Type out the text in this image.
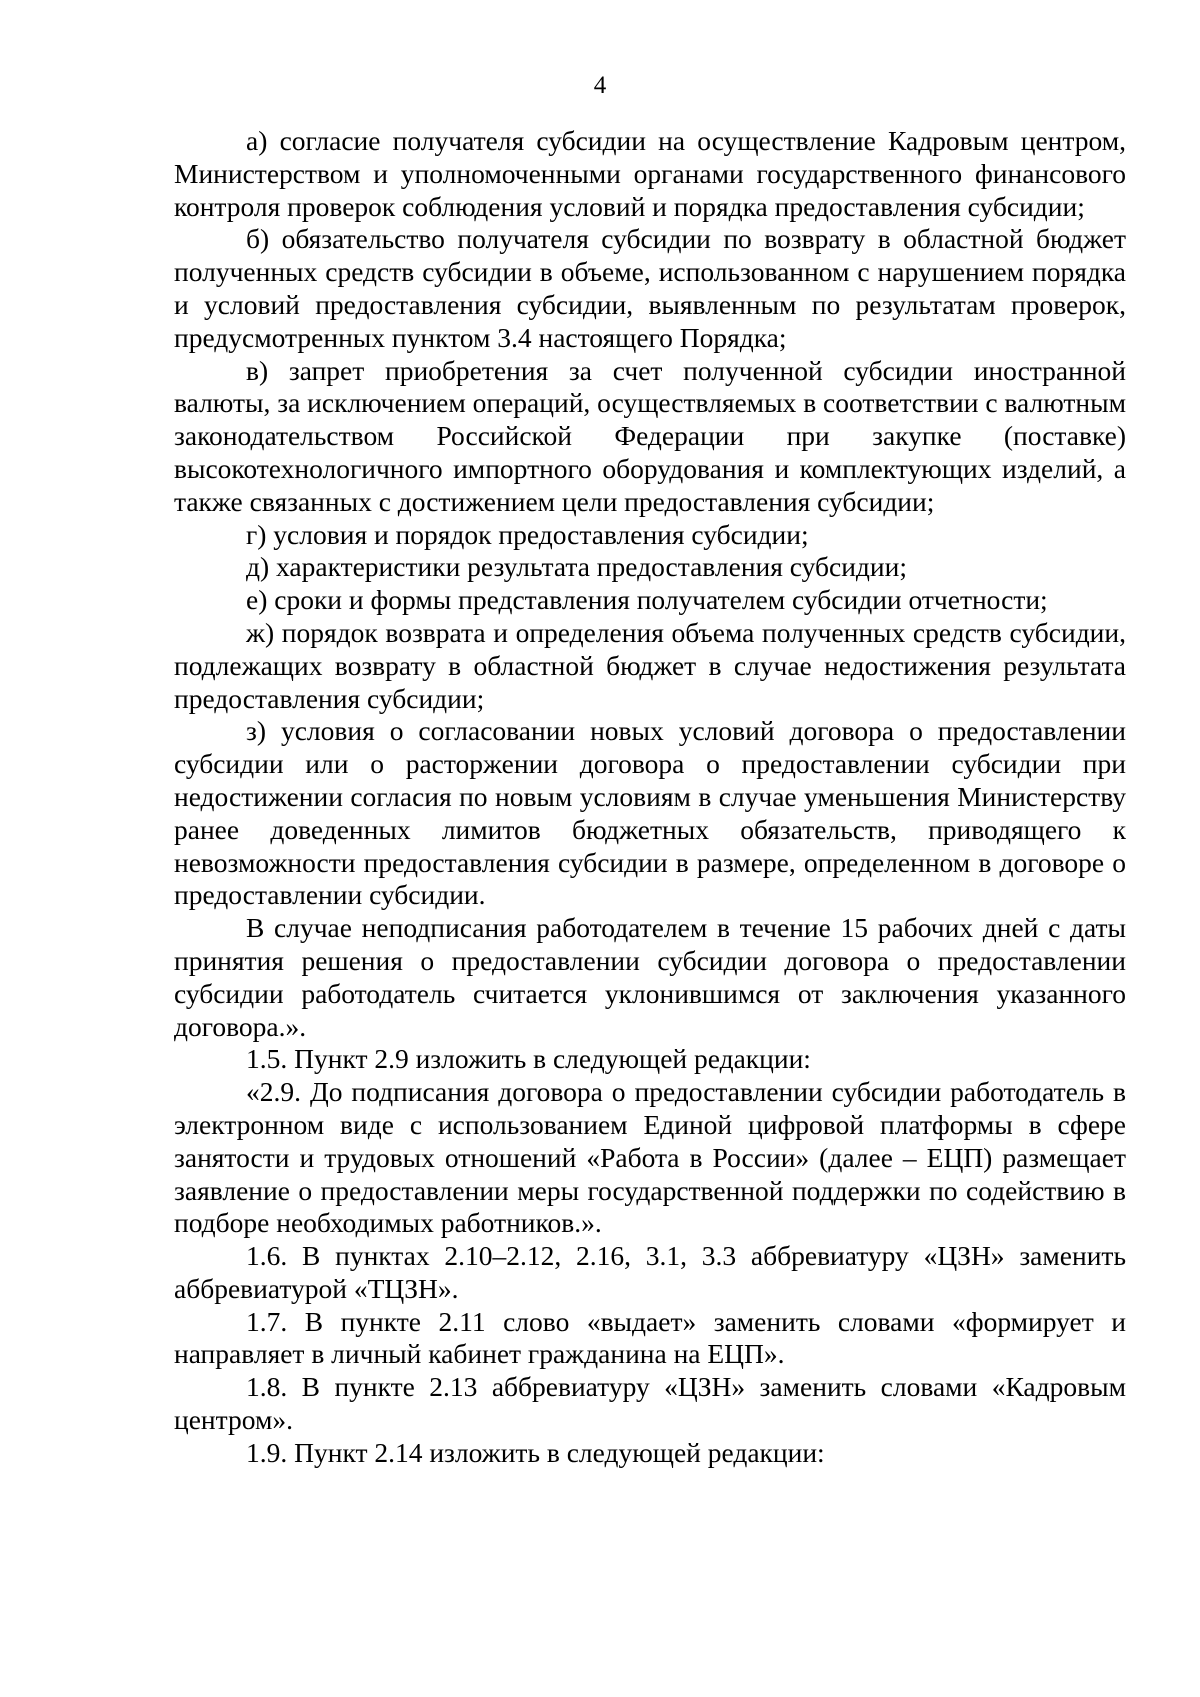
4

а) согласие получателя субсидии на осуществление Кадровым центром, Министерством и уполномоченными органами государственного финансового контроля проверок соблюдения условий и порядка предоставления субсидии;

б) обязательство получателя субсидии по возврату в областной бюджет полученных средств субсидии в объеме, использованном с нарушением порядка и условий предоставления субсидии, выявленным по результатам проверок, предусмотренных пунктом 3.4 настоящего Порядка;

в) запрет приобретения за счет полученной субсидии иностранной валюты, за исключением операций, осуществляемых в соответствии с валютным законодательством Российской Федерации при закупке (поставке) высокотехнологичного импортного оборудования и комплектующих изделий, а также связанных с достижением цели предоставления субсидии;

г) условия и порядок предоставления субсидии;

д) характеристики результата предоставления субсидии;

е) сроки и формы представления получателем субсидии отчетности;

ж) порядок возврата и определения объема полученных средств субсидии, подлежащих возврату в областной бюджет в случае недостижения результата предоставления субсидии;

з) условия о согласовании новых условий договора о предоставлении субсидии или о расторжении договора о предоставлении субсидии при недостижении согласия по новым условиям в случае уменьшения Министерству ранее доведенных лимитов бюджетных обязательств, приводящего к невозможности предоставления субсидии в размере, определенном в договоре о предоставлении субсидии.

В случае неподписания работодателем в течение 15 рабочих дней с даты принятия решения о предоставлении субсидии договора о предоставлении субсидии работодатель считается уклонившимся от заключения указанного договора.».

1.5. Пункт 2.9 изложить в следующей редакции:

«2.9. До подписания договора о предоставлении субсидии работодатель в электронном виде с использованием Единой цифровой платформы в сфере занятости и трудовых отношений «Работа в России» (далее – ЕЦП) размещает заявление о предоставлении меры государственной поддержки по содействию в подборе необходимых работников.».

1.6. В пунктах 2.10–2.12, 2.16, 3.1, 3.3 аббревиатуру «ЦЗН» заменить аббревиатурой «ТЦЗН».

1.7. В пункте 2.11 слово «выдает» заменить словами «формирует и направляет в личный кабинет гражданина на ЕЦП».

1.8. В пункте 2.13 аббревиатуру «ЦЗН» заменить словами «Кадровым центром».

1.9. Пункт 2.14 изложить в следующей редакции:
